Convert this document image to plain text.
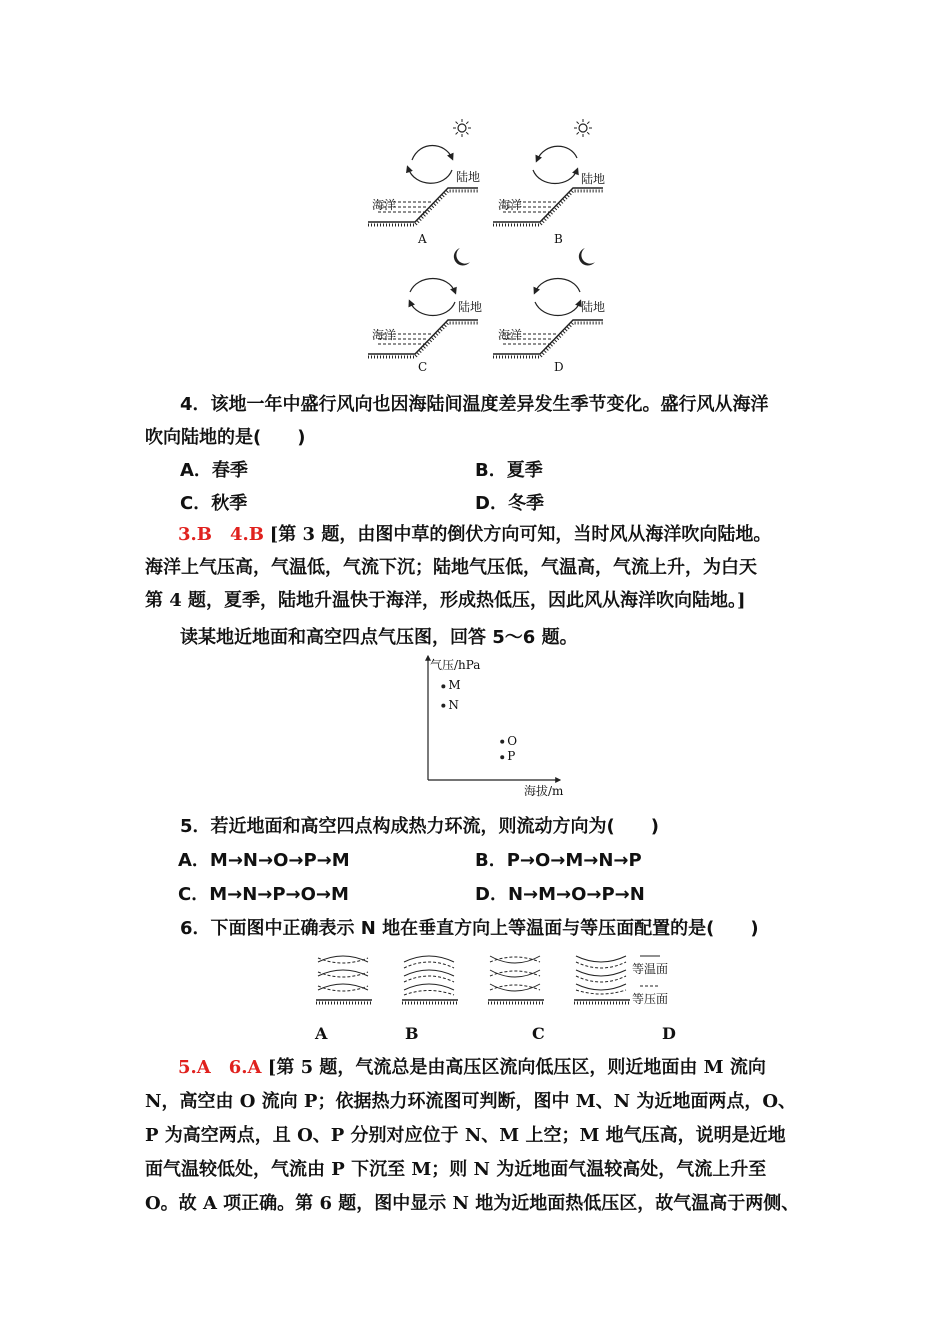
陆地	陆地
陆地	陆地
海洋	海洋
海洋	海洋
A	B
C	D
4．该地一年中盛行风向也因海陆间温度差异发生季节变化。盛行风从海洋
吹向陆地的是(　　)
A．春季	B．夏季
C．秋季	D．冬季
3.B　4.B [第 3 题，由图中草的倒伏方向可知，当时风从海洋吹向陆地。
海洋上气压高，气温低，气流下沉；陆地气压低，气温高，气流上升，为白天
第 4 题，夏季，陆地升温快于海洋，形成热低压，因此风从海洋吹向陆地。]
读某地近地面和高空四点气压图，回答 5～6 题。
气压/hPa
海拔/m
M
N
O
P
5．若近地面和高空四点构成热力环流，则流动方向为(　　)
A．M→N→O→P→M	B．P→O→M→N→P
C．M→N→P→O→M	D．N→M→O→P→N
6．下面图中正确表示 N 地在垂直方向上等温面与等压面配置的是(　　)
等温面
等压面
A	B	C	D
5.A　6.A [第 5 题，气流总是由高压区流向低压区，则近地面由 M 流向
N，高空由 O 流向 P；依据热力环流图可判断，图中 M、N 为近地面两点，O、
P 为高空两点，且 O、P 分别对应位于 N、M 上空；M 地气压高，说明是近地
面气温较低处，气流由 P 下沉至 M；则 N 为近地面气温较高处，气流上升至
O。故 A 项正确。第 6 题，图中显示 N 地为近地面热低压区，故气温高于两侧、
